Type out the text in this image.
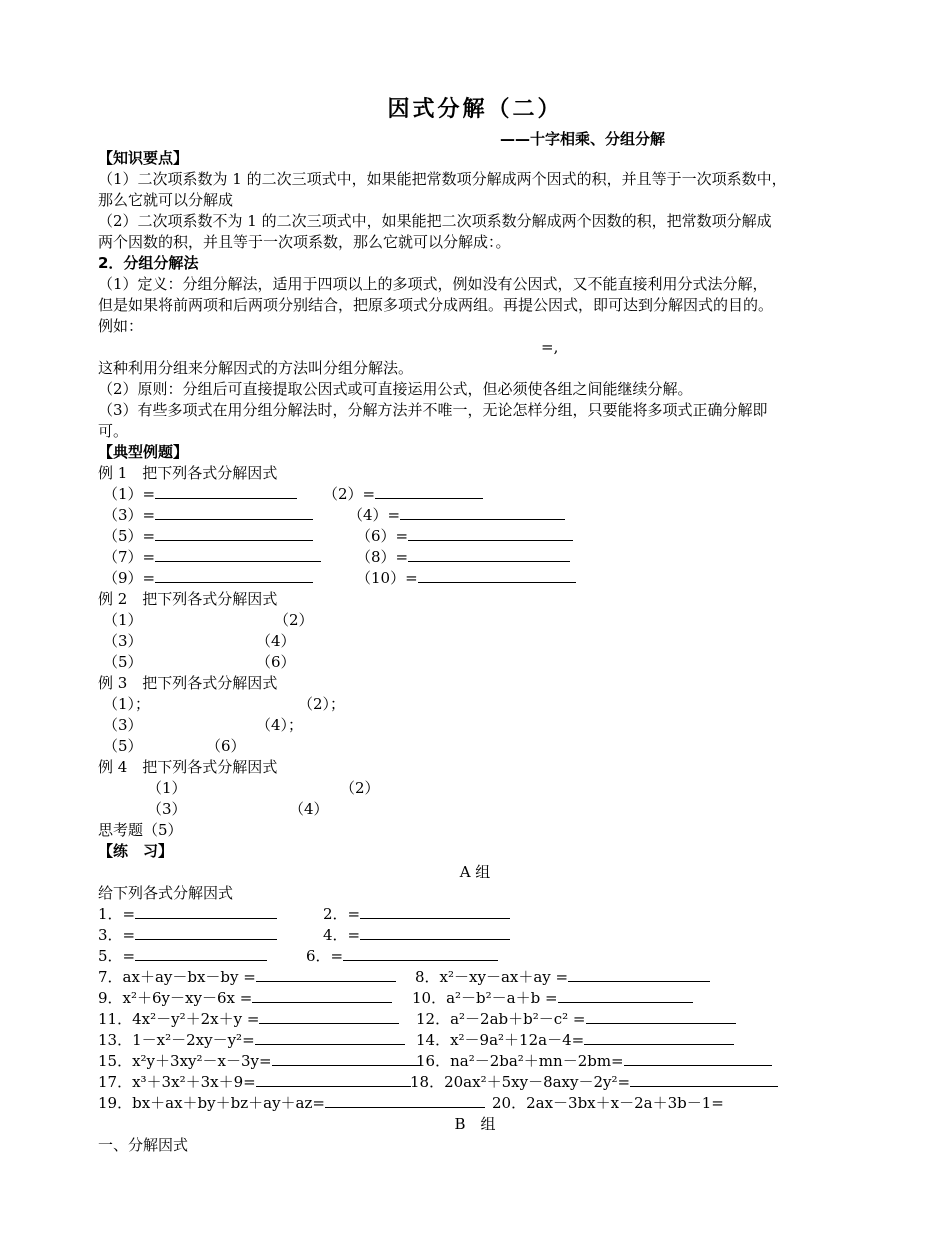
因式分解（二）
——十字相乘、分组分解
【知识要点】
（1）二次项系数为 1 的二次三项式中，如果能把常数项分解成两个因式的积，并且等于一次项系数中，
那么它就可以分解成
（2）二次项系数不为 1 的二次三项式中，如果能把二次项系数分解成两个因数的积，把常数项分解成
两个因数的积，并且等于一次项系数，那么它就可以分解成：。
2．分组分解法
（1）定义：分组分解法，适用于四项以上的多项式，例如没有公因式，又不能直接利用分式法分解，
但是如果将前两项和后两项分别结合，把原多项式分成两组。再提公因式，即可达到分解因式的目的。
例如：
=,
这种利用分组来分解因式的方法叫分组分解法。
（2）原则：分组后可直接提取公因式或可直接运用公式，但必须使各组之间能继续分解。
（3）有些多项式在用分组分解法时，分解方法并不唯一，无论怎样分组，只要能将多项式正确分解即
可。
【典型例题】
例 1　把下列各式分解因式
（1）=	（2）=
（3）=	（4）=
（5）=	（6）=
（7）=	（8）=
（9）=	（10）=
例 2　把下列各式分解因式
（1）	（2）
（3）	（4）
（5）	（6）
例 3　把下列各式分解因式
（1）；	（2）；
（3）	（4）；
（5）	（6）
例 4　把下列各式分解因式
（1）	（2）
（3）	（4）
思考题（5）
【练　习】
A 组
给下列各式分解因式
1．=	2．=
3．=	4．=
5．=	6．=
7．ax＋ay－bx－by =	8．x²－xy－ax＋ay =
9．x²＋6y－xy－6x =	10．a²－b²－a＋b =
11．4x²－y²＋2x＋y =	12．a²－2ab＋b²－c² =
13．1－x²－2xy－y²=	14．x²－9a²＋12a－4=
15．x²y＋3xy²－x－3y=	16．na²－2ba²＋mn－2bm=
17．x³＋3x²＋3x＋9=	18．20ax²＋5xy－8axy－2y²=
19．bx＋ax＋by＋bz＋ay＋az=	20．2ax－3bx＋x－2a＋3b－1=
B　组
一、分解因式
